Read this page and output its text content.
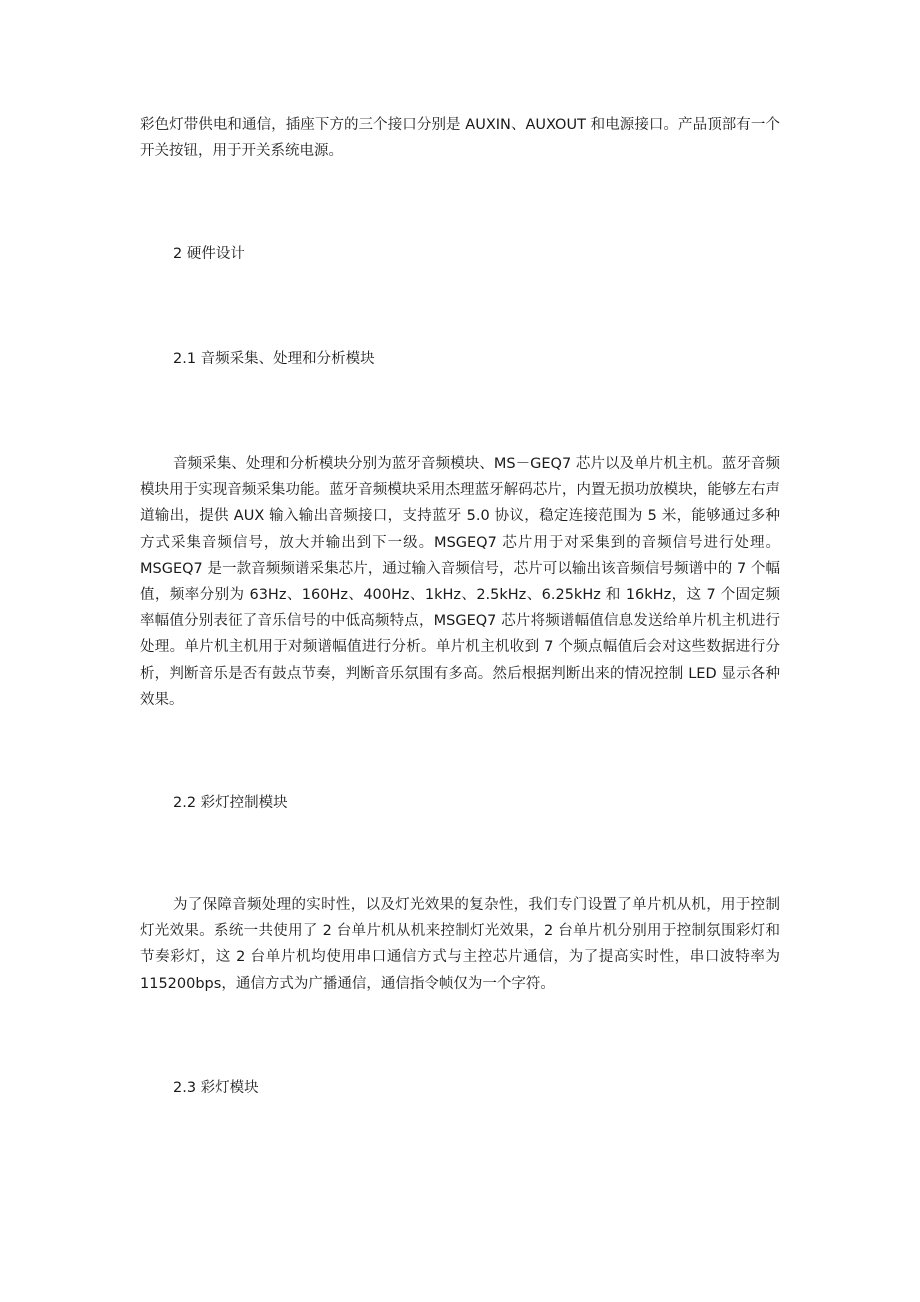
彩色灯带供电和通信，插座下方的三个接口分别是 AUXIN、AUXOUT 和电源接口。产品顶部有一个开关按钮，用于开关系统电源。

2 硬件设计
2.1 音频采集、处理和分析模块

音频采集、处理和分析模块分别为蓝牙音频模块、MS－GEQ7 芯片以及单片机主机。蓝牙音频模块用于实现音频采集功能。蓝牙音频模块采用杰理蓝牙解码芯片，内置无损功放模块，能够左右声道输出，提供 AUX 输入输出音频接口，支持蓝牙 5.0 协议，稳定连接范围为 5 米，能够通过多种方式采集音频信号，放大并输出到下一级。MSGEQ7 芯片用于对采集到的音频信号进行处理。MSGEQ7 是一款音频频谱采集芯片，通过输入音频信号，芯片可以输出该音频信号频谱中的 7 个幅值，频率分别为 63Hz、160Hz、400Hz、1kHz、2.5kHz、6.25kHz 和 16kHz，这 7 个固定频率幅值分别表征了音乐信号的中低高频特点，MSGEQ7 芯片将频谱幅值信息发送给单片机主机进行处理。单片机主机用于对频谱幅值进行分析。单片机主机收到 7 个频点幅值后会对这些数据进行分析，判断音乐是否有鼓点节奏，判断音乐氛围有多高。然后根据判断出来的情况控制 LED 显示各种效果。

2.2 彩灯控制模块

为了保障音频处理的实时性，以及灯光效果的复杂性，我们专门设置了单片机从机，用于控制灯光效果。系统一共使用了 2 台单片机从机来控制灯光效果，2 台单片机分别用于控制氛围彩灯和节奏彩灯，这 2 台单片机均使用串口通信方式与主控芯片通信，为了提高实时性，串口波特率为 115200bps，通信方式为广播通信，通信指令帧仅为一个字符。

2.3 彩灯模块
